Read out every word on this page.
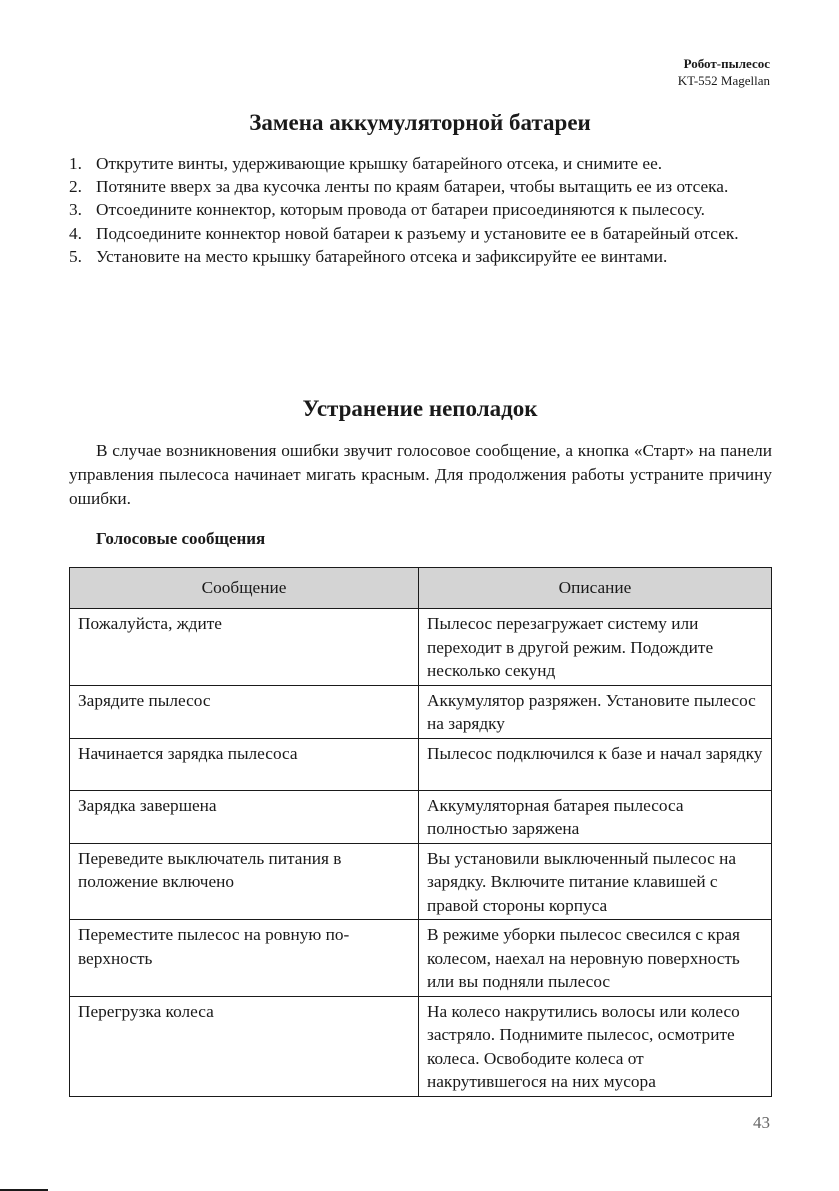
Робот-пылесос
KT-552 Magellan
Замена аккумуляторной батареи
1. Открутите винты, удерживающие крышку батарейного отсека, и снимите ее.
2. Потяните вверх за два кусочка ленты по краям батареи, чтобы вытащить ее из отсека.
3. Отсоедините коннектор, которым провода от батареи присоединяются к пылесосу.
4. Подсоедините коннектор новой батареи к разъему и установите ее в батарейный отсек.
5. Установите на место крышку батарейного отсека и зафиксируйте ее винтами.
Устранение неполадок

В случае возникновения ошибки звучит голосовое сообщение, а кнопка «Старт» на панели управления пылесоса начинает мигать красным. Для продолжения работы устраните причину ошибки.

Голосовые сообщения

Сообщение	Описание
Пожалуйста, ждите	Пылесос перезагружает систему или переходит в другой режим. Подождите несколько секунд
Зарядите пылесос	Аккумулятор разряжен. Установите пылесос на зарядку
Начинается зарядка пылесоса	Пылесос подключился к базе и начал зарядку
Зарядка завершена	Аккумуляторная батарея пылесоса полностью заряжена
Переведите выключатель питания в положение включено	Вы установили выключенный пылесос на зарядку. Включите питание клавишей с правой стороны корпуса
Переместите пылесос на ровную поверхность	В режиме уборки пылесос свесился с края колесом, наехал на неровную поверхность или вы подняли пылесос
Перегрузка колеса	На колесо накрутились волосы или колесо застряло. Поднимите пылесос, осмотрите колеса. Освободите колеса от накрутившегося на них мусора
43
